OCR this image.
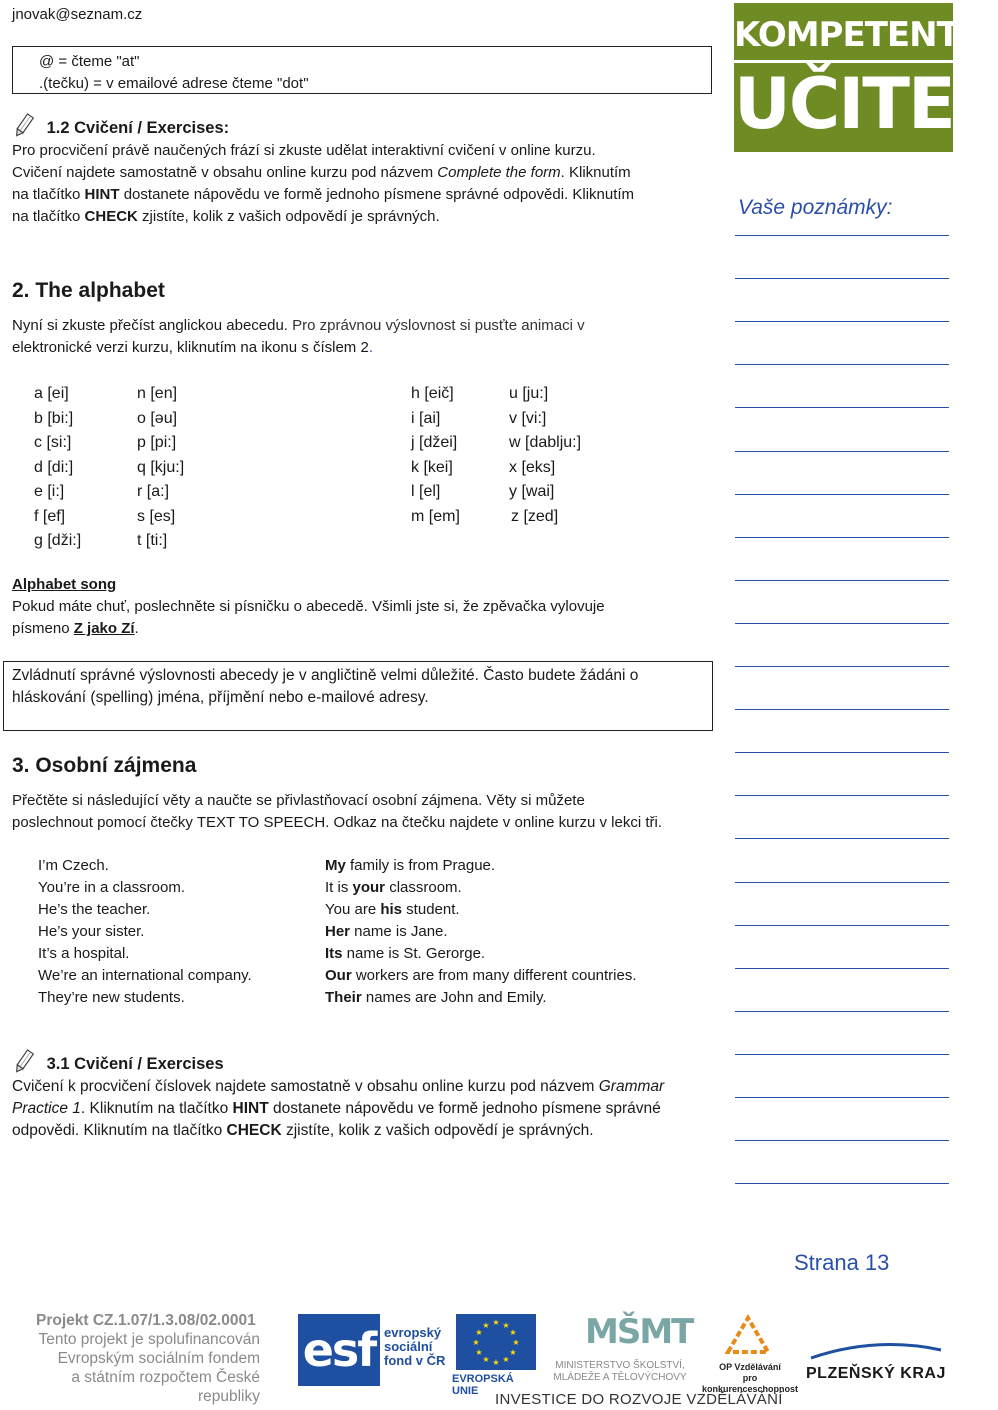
jnovak@seznam.cz
@ = čteme "at"
.(tečku) = v emailové adrese čteme "dot"
1.2 Cvičení / Exercises:
Pro procvičení právě naučených frází si zkuste udělat interaktivní cvičení v online kurzu.
Cvičení najdete samostatně v obsahu online kurzu pod názvem Complete the form. Kliknutím
na tlačítko HINT dostanete nápovědu ve formě jednoho písmene správné odpovědi. Kliknutím
na tlačítko CHECK zjistíte, kolik z vašich odpovědí je správných.
2. The alphabet
Nyní si zkuste přečíst anglickou abecedu. Pro zprávnou výslovnost si pusťte animaci v
elektronické verzi kurzu, kliknutím na ikonu s číslem 2.
a [ei]
b [bi:]
c [si:]
d [di:]
e [i:]
f [ef]
g [dži:]
n [en]
o [əu]
p [pi:]
q [kju:]
r [a:]
s [es]
t [ti:]
h [eič]
i [ai]
j [džei]
k [kei]
l [el]
m [em]
u [ju:]
v [vi:]
w [dablju:]
x [eks]
y [wai]
z [zed]
Alphabet song
Pokud máte chuť, poslechněte si písničku o abecedě. Všimli jste si, že zpěvačka vylovuje
písmeno Z jako Zí.
Zvládnutí správné výslovnosti abecedy je v angličtině velmi důležité. Často budete žádáni o
hláskování (spelling) jména, příjmění nebo e-mailové adresy.
3. Osobní zájmena
Přečtěte si následující věty a naučte se přivlastňovací osobní zájmena. Věty si můžete
poslechnout pomocí čtečky TEXT TO SPEECH. Odkaz na čtečku najdete v online kurzu v lekci tři.
I’m Czech.
You’re in a classroom.
He’s the teacher.
He’s your sister.
It’s a hospital.
We’re an international company.
They’re new students.
My family is from Prague.
It is your classroom.
You are his student.
Her name is Jane.
Its name is St. Gerorge.
Our workers are from many different countries.
Their names are John and Emily.
3.1 Cvičení / Exercises
Cvičení k procvičení číslovek najdete samostatně v obsahu online kurzu pod názvem Grammar
Practice 1. Kliknutím na tlačítko HINT dostanete nápovědu ve formě jednoho písmene správné
odpovědi. Kliknutím na tlačítko CHECK zjistíte, kolik z vašich odpovědí je správných.
KOMPETENTNÍ
UČITEL
Vaše poznámky:
Strana 13
Projekt CZ.1.07/1.3.08/02.0001
Tento projekt je spolufinancován
Evropským sociálním fondem
a státním rozpočtem České republiky
esf evropský
sociální
fond v ČR
★ ★
★
★
★
★
★
★
★
★
★
★
EVROPSKÁ UNIE
MŠMT
MINISTERSTVO ŠKOLSTVÍ,
MLÁDEŽE A TĚLOVÝCHOVY
OP Vzdělávání
pro konkurenceschopnost
PLZEŇSKÝ KRAJ
INVESTICE DO ROZVOJE VZDĚLÁVÁNÍ
